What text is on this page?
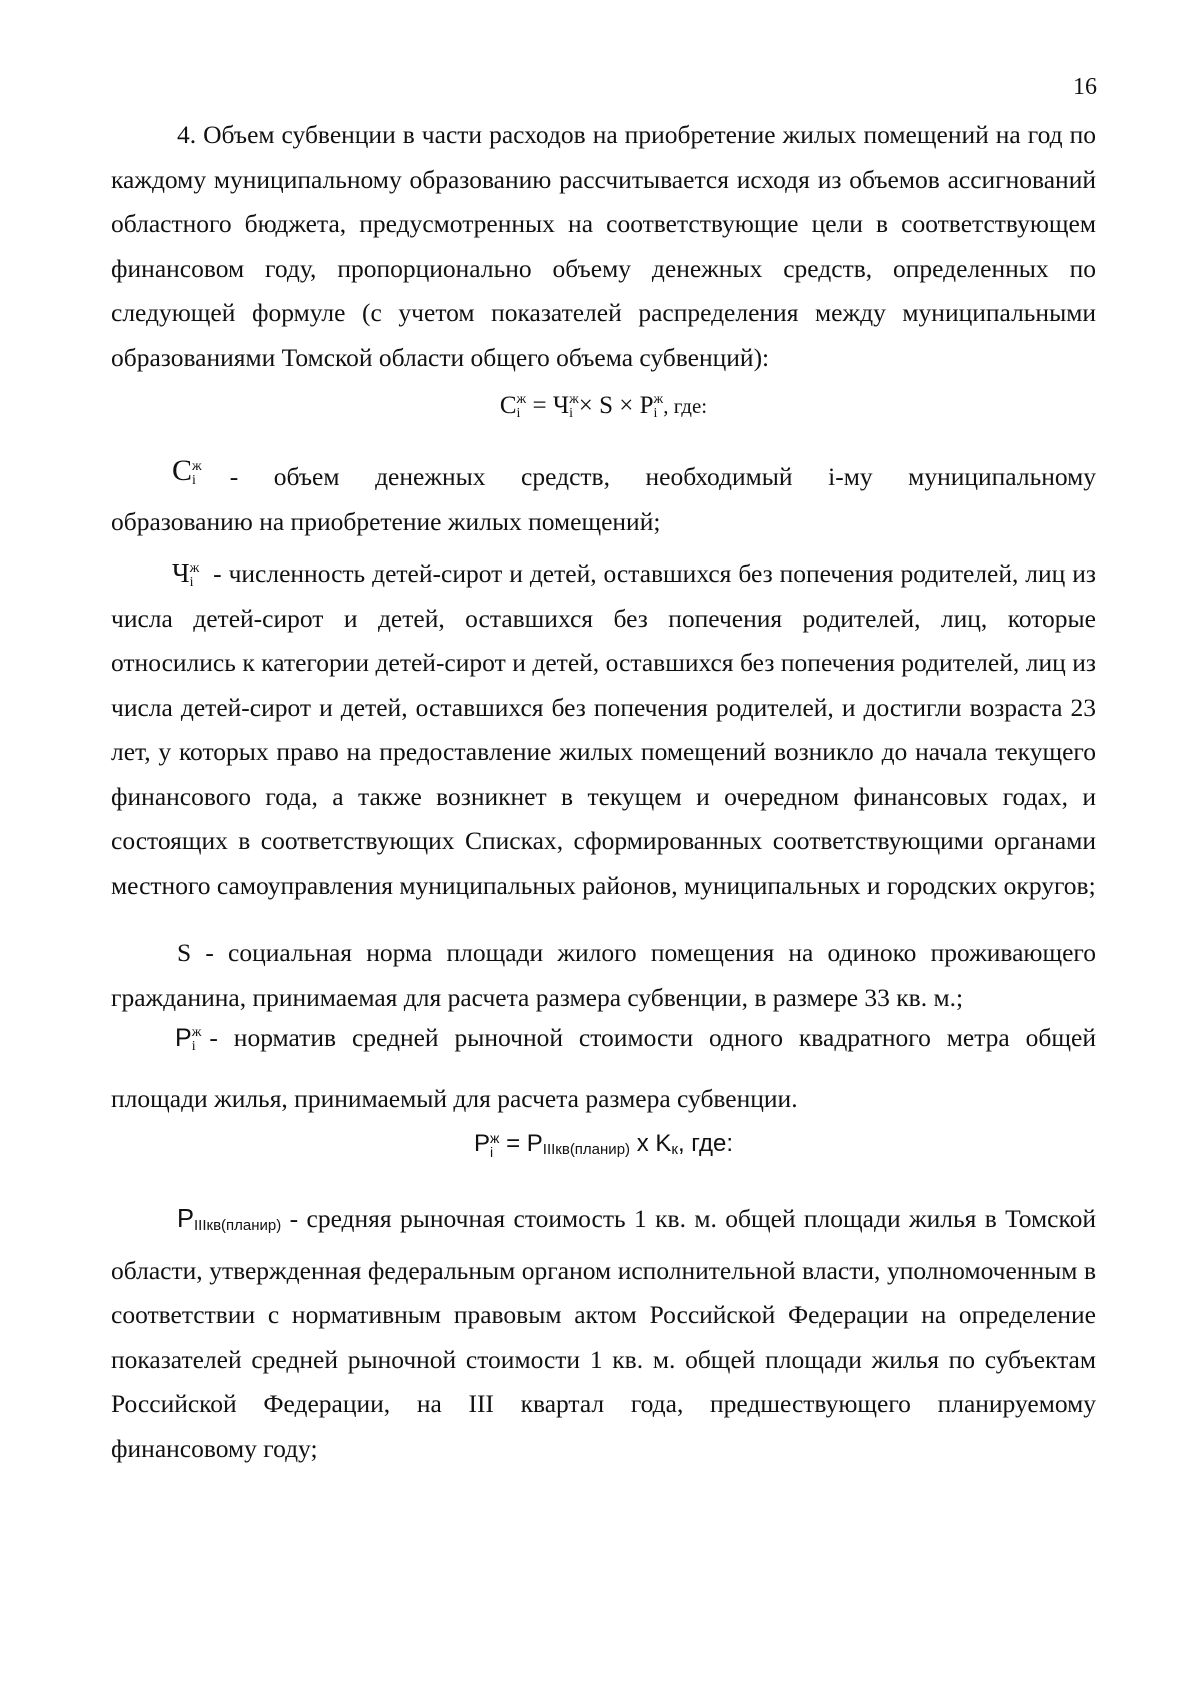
16

4. Объем субвенции в части расходов на приобретение жилых помещений на год по каждому муниципальному образованию рассчитывается исходя из объемов ассигнований областного бюджета, предусмотренных на соответствующие цели в соответствующем финансовом году, пропорционально объему денежных средств, определенных по следующей формуле (с учетом показателей распределения между муниципальными образованиями Томской области общего объема субвенций):

C ж
i = Ч ж
i × S × P ж
i , где:
C ж
i - объем денежных средств, необходимый i-му муниципальному
образованию на приобретение жилых помещений;

Ч ж
i - численность детей-сирот и детей, оставшихся без попечения родителей, лиц из числа детей-сирот и детей, оставшихся без попечения родителей, лиц, которые относились к категории детей-сирот и детей, оставшихся без попечения родителей, лиц из числа детей-сирот и детей, оставшихся без попечения родителей, и достигли возраста 23 лет, у которых право на предоставление жилых помещений возникло до начала текущего финансового года, а также возникнет в текущем и очередном финансовых годах, и состоящих в соответствующих Списках, сформированных соответствующими органами местного самоуправления муниципальных районов, муниципальных и городских округов;

S - социальная норма площади жилого помещения на одиноко проживающего гражданина, принимаемая для расчета размера субвенции, в размере 33 кв. м.;

P ж
i - норматив средней рыночной стоимости одного квадратного метра общей
площади жилья, принимаемый для расчета размера субвенции.
P ж
i = PIIIкв(планир) x Kк, где:

PIIIкв(планир) - средняя рыночная стоимость 1 кв. м. общей площади жилья в Томской области, утвержденная федеральным органом исполнительной власти, уполномоченным в соответствии с нормативным правовым актом Российской Федерации на определение показателей средней рыночной стоимости 1 кв. м. общей площади жилья по субъектам Российской Федерации, на III квартал года, предшествующего планируемому финансовому году;
